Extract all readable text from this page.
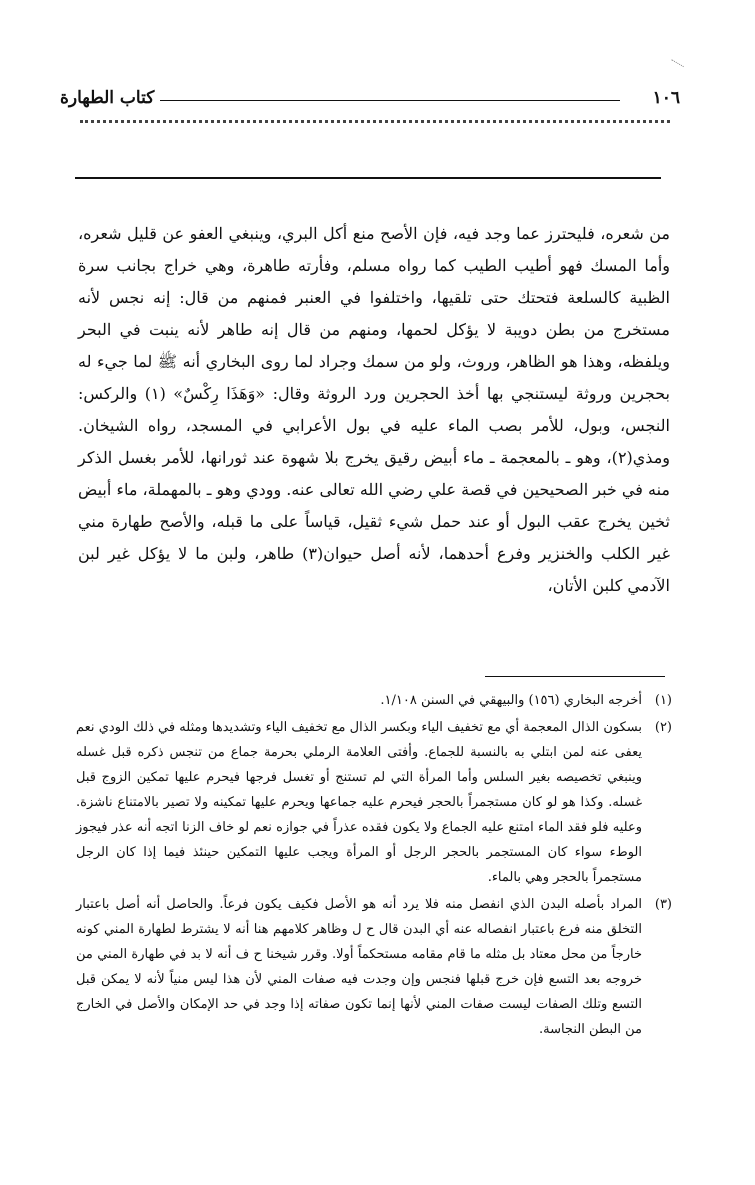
١٠٦
كتاب الطهارة

من شعره، فليحترز عما وجد فيه، فإن الأصح منع أكل البري، وينبغي العفو عن قليل شعره، وأما المسك فهو أطيب الطيب كما رواه مسلم، وفأرته طاهرة، وهي خراج بجانب سرة الظبية كالسلعة فتحتك حتى تلقيها، واختلفوا في العنبر فمنهم من قال: إنه نجس لأنه مستخرج من بطن دويبة لا يؤكل لحمها، ومنهم من قال إنه طاهر لأنه ينبت في البحر ويلفظه، وهذا هو الظاهر، وروث، ولو من سمك وجراد لما روى البخاري أنه ﷺ لما جيء له بحجرين وروثة ليستنجي بها أخذ الحجرين ورد الروثة وقال: «وَهَذَا رِكْسٌ» (١) والركس: النجس، وبول، للأمر بصب الماء عليه في بول الأعرابي في المسجد، رواه الشيخان. ومذي(٢)، وهو ـ بالمعجمة ـ ماء أبيض رقيق يخرج بلا شهوة عند ثورانها، للأمر بغسل الذكر منه في خبر الصحيحين في قصة علي رضي الله تعالى عنه. وودي وهو ـ بالمهملة، ماء أبيض ثخين يخرج عقب البول أو عند حمل شيء ثقيل، قياساً على ما قبله، والأصح طهارة مني غير الكلب والخنزير وفرع أحدهما، لأنه أصل حيوان(٣) طاهر، ولبن ما لا يؤكل غير لبن الآدمي كلبن الأتان،

(١)
أخرجه البخاري (١٥٦) والبيهقي في السنن ١/١٠٨.
(٢)
بسكون الذال المعجمة أي مع تخفيف الياء وبكسر الذال مع تخفيف الياء وتشديدها ومثله في ذلك الودي نعم يعفى عنه لمن ابتلي به بالنسبة للجماع. وأفتى العلامة الرملي بحرمة جماع من تنجس ذكره قبل غسله وينبغي تخصيصه بغير السلس وأما المرأة التي لم تستنج أو تغسل فرجها فيحرم عليها تمكين الزوج قبل غسله. وكذا هو لو كان مستجمراً بالحجر فيحرم عليه جماعها ويحرم عليها تمكينه ولا تصير بالامتناع ناشزة. وعليه فلو فقد الماء امتنع عليه الجماع ولا يكون فقده عذراً في جوازه نعم لو خاف الزنا اتجه أنه عذر فيجوز الوطء سواء كان المستجمر بالحجر الرجل أو المرأة ويجب عليها التمكين حينئذ فيما إذا كان الرجل مستجمراً بالحجر وهي بالماء.
(٣)
المراد بأصله البدن الذي انفصل منه فلا يرد أنه هو الأصل فكيف يكون فرعاً. والحاصل أنه أصل باعتبار التخلق منه فرع باعتبار انفصاله عنه أي البدن قال ح ل وظاهر كلامهم هنا أنه لا يشترط لطهارة المني كونه خارجاً من محل معتاد بل مثله ما قام مقامه مستحكماً أولا. وقرر شيخنا ح ف أنه لا بد في طهارة المني من خروجه بعد التسع فإن خرج قبلها فنجس وإن وجدت فيه صفات المني لأن هذا ليس منياً لأنه لا يمكن قبل التسع وتلك الصفات ليست صفات المني لأنها إنما تكون صفاته إذا وجد في حد الإمكان والأصل في الخارج من البطن النجاسة.
